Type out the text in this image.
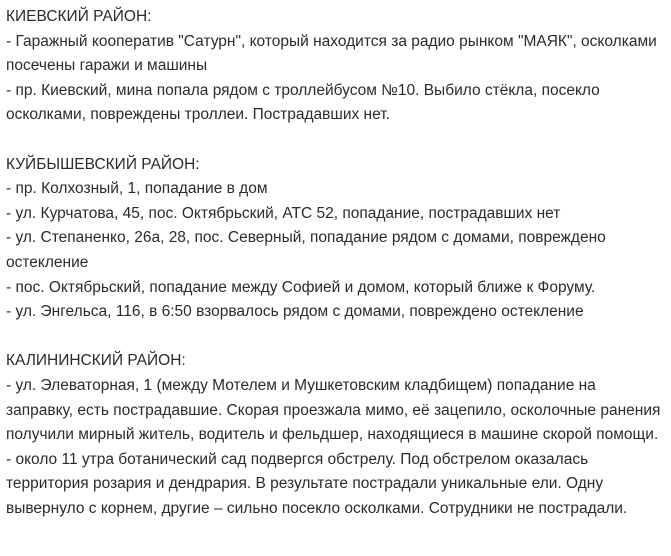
КИЕВСКИЙ РАЙОН:
- Гаражный кооператив "Сатурн", который находится за радио рынком "МАЯК", осколками посечены гаражи и машины
- пр. Киевский, мина попала рядом с троллейбусом №10. Выбило стёкла, посекло осколками, повреждены троллеи. Пострадавших нет.
КУЙБЫШЕВСКИЙ РАЙОН:
- пр. Колхозный, 1, попадание в дом
- ул. Курчатова, 45, пос. Октябрьский, АТС 52, попадание, пострадавших нет
- ул. Степаненко, 26а, 28, пос. Северный, попадание рядом с домами, повреждено остекление
- пос. Октябрьский, попадание между Софией и домом, который ближе к Форуму.
- ул. Энгельса, 116, в 6:50 взорвалось рядом с домами, повреждено остекление
КАЛИНИНСКИЙ РАЙОН:
- ул. Элеваторная, 1 (между Мотелем и Мушкетовским кладбищем) попадание на заправку, есть пострадавшие. Скорая проезжала мимо, её зацепило, осколочные ранения получили мирный житель, водитель и фельдшер, находящиеся в машине скорой помощи.
- около 11 утра ботанический сад подвергся обстрелу. Под обстрелом оказалась территория розария и дендрария. В результате пострадали уникальные ели. Одну вывернуло с корнем, другие – сильно посекло осколками. Сотрудники не пострадали.
